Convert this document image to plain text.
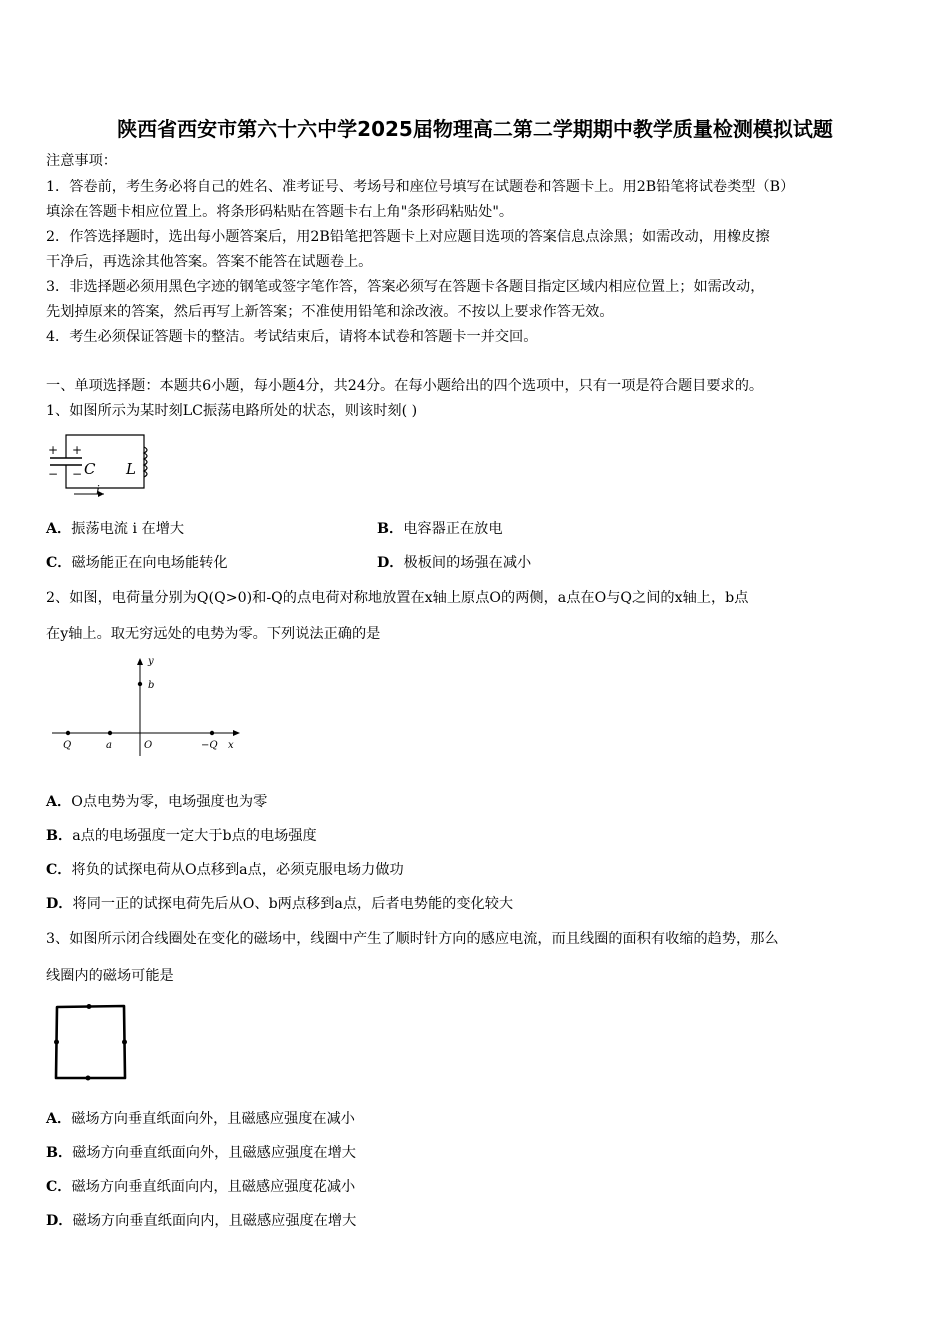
陕西省西安市第六十六中学2025届物理高二第二学期期中教学质量检测模拟试题
注意事项：
1．答卷前，考生务必将自己的姓名、准考证号、考场号和座位号填写在试题卷和答题卡上。用2B铅笔将试卷类型（B）
填涂在答题卡相应位置上。将条形码粘贴在答题卡右上角"条形码粘贴处"。
2．作答选择题时，选出每小题答案后，用2B铅笔把答题卡上对应题目选项的答案信息点涂黑；如需改动，用橡皮擦
干净后，再选涂其他答案。答案不能答在试题卷上。
3．非选择题必须用黑色字迹的钢笔或签字笔作答，答案必须写在答题卡各题目指定区域内相应位置上；如需改动，
先划掉原来的答案，然后再写上新答案；不准使用铅笔和涂改液。不按以上要求作答无效。
4．考生必须保证答题卡的整洁。考试结束后，请将本试卷和答题卡一并交回。
一、单项选择题：本题共6小题，每小题4分，共24分。在每小题给出的四个选项中，只有一项是符合题目要求的。
1、如图所示为某时刻LC振荡电路所处的状态，则该时刻( )
+ +
− − C L
i
A．振荡电流 i 在增大	B．电容器正在放电
C．磁场能正在向电场能转化	D．极板间的场强在减小
2、如图，电荷量分别为Q(Q>0)和-Q的点电荷对称地放置在x轴上原点O的两侧，a点在O与Q之间的x轴上，b点
在y轴上。取无穷远处的电势为零。下列说法正确的是
y
b
Q	a	O	−Q x
A．O点电势为零，电场强度也为零
B．a点的电场强度一定大于b点的电场强度
C．将负的试探电荷从O点移到a点，必须克服电场力做功
D．将同一正的试探电荷先后从O、b两点移到a点，后者电势能的变化较大
3、如图所示闭合线圈处在变化的磁场中，线圈中产生了顺时针方向的感应电流，而且线圈的面积有收缩的趋势，那么
线圈内的磁场可能是
A．磁场方向垂直纸面向外，且磁感应强度在减小
B．磁场方向垂直纸面向外，且磁感应强度在增大
C．磁场方向垂直纸面向内，且磁感应强度花减小
D．磁场方向垂直纸面向内，且磁感应强度在增大
